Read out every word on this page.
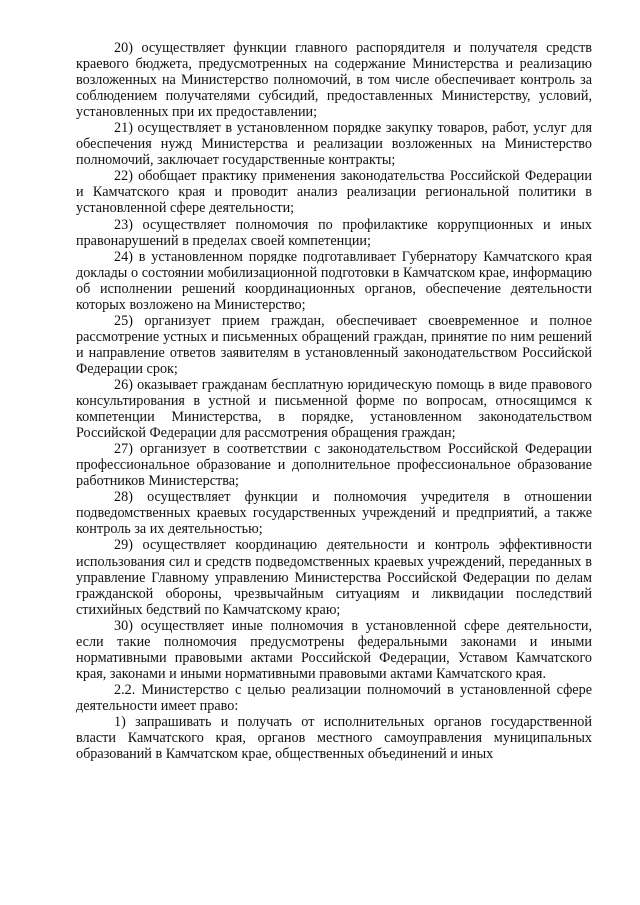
20) осуществляет функции главного распорядителя и получателя средств краевого бюджета, предусмотренных на содержание Министерства и реализацию возложенных на Министерство полномочий, в том числе обеспечивает контроль за соблюдением получателями субсидий, предоставленных Министерству, условий, установленных при их предоставлении;

21) осуществляет в установленном порядке закупку товаров, работ, услуг для обеспечения нужд Министерства и реализации возложенных на Министерство полномочий, заключает государственные контракты;

22) обобщает практику применения законодательства Российской Федерации и Камчатского края и проводит анализ реализации региональной политики в установленной сфере деятельности;

23) осуществляет полномочия по профилактике коррупционных и иных правонарушений в пределах своей компетенции;

24) в установленном порядке подготавливает Губернатору Камчатского края доклады о состоянии мобилизационной подготовки в Камчатском крае, информацию об исполнении решений координационных органов, обеспечение деятельности которых возложено на Министерство;

25) организует прием граждан, обеспечивает своевременное и полное рассмотрение устных и письменных обращений граждан, принятие по ним решений и направление ответов заявителям в установленный законодательством Российской Федерации срок;

26) оказывает гражданам бесплатную юридическую помощь в виде правового консультирования в устной и письменной форме по вопросам, относящимся к компетенции Министерства, в порядке, установленном законодательством Российской Федерации для рассмотрения обращения граждан;

27) организует в соответствии с законодательством Российской Федерации профессиональное образование и дополнительное профессиональное образование работников Министерства;

28) осуществляет функции и полномочия учредителя в отношении подведомственных краевых государственных учреждений и предприятий, а также контроль за их деятельностью;

29) осуществляет координацию деятельности и контроль эффективности использования сил и средств подведомственных краевых учреждений, переданных в управление Главному управлению Министерства Российской Федерации по делам гражданской обороны, чрезвычайным ситуациям и ликвидации последствий стихийных бедствий по Камчатскому краю;

30) осуществляет иные полномочия в установленной сфере деятельности, если такие полномочия предусмотрены федеральными законами и иными нормативными правовыми актами Российской Федерации, Уставом Камчатского края, законами и иными нормативными правовыми актами Камчатского края.

2.2. Министерство с целью реализации полномочий в установленной сфере деятельности имеет право:

1) запрашивать и получать от исполнительных органов государственной власти Камчатского края, органов местного самоуправления муниципальных образований в Камчатском крае, общественных объединений и иных
